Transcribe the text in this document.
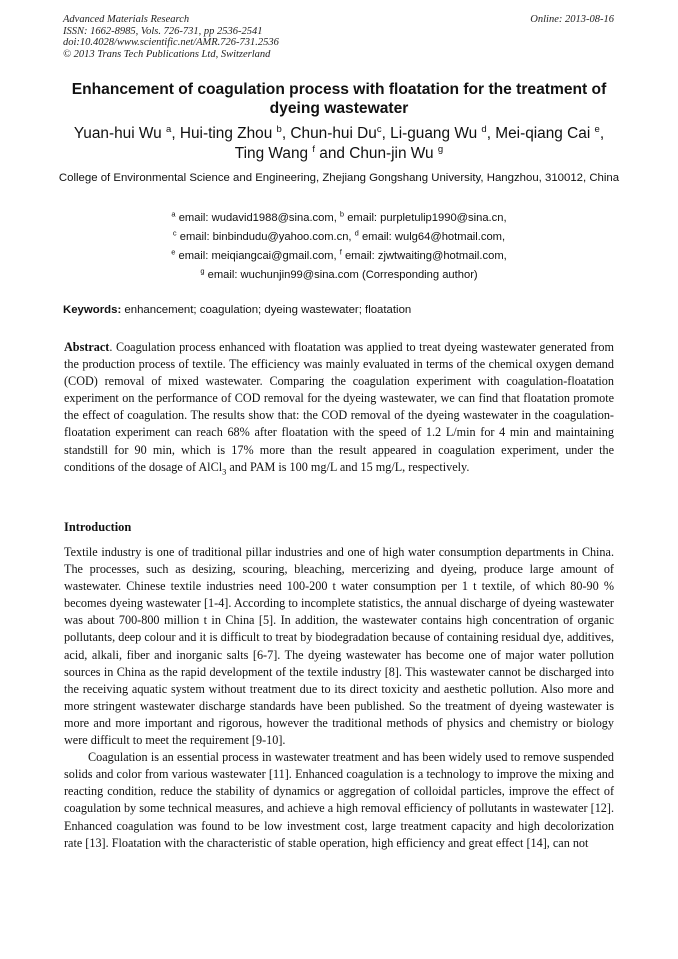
Advanced Materials Research
ISSN: 1662-8985, Vols. 726-731, pp 2536-2541
doi:10.4028/www.scientific.net/AMR.726-731.2536
© 2013 Trans Tech Publications Ltd, Switzerland
Online: 2013-08-16
Enhancement of coagulation process with floatation for the treatment of dyeing wastewater
Yuan-hui Wu $^a$, Hui-ting Zhou $^b$, Chun-hui Du$^c$, Li-guang Wu $^d$, Mei-qiang Cai $^e$,
Ting Wang $^f$ and Chun-jin Wu $^g$
College of Environmental Science and Engineering, Zhejiang Gongshang University, Hangzhou, 310012, China
$^a$ email: wudavid1988@sina.com, $^b$ email: purpletulip1990@sina.cn,
$^c$ email: binbindudu@yahoo.com.cn, $^d$ email: wulg64@hotmail.com,
$^e$ email: meiqiangcai@gmail.com, $^f$ email: zjwtwaiting@hotmail.com,
$^g$ email: wuchunjin99@sina.com (Corresponding author)
Keywords: enhancement; coagulation; dyeing wastewater; floatation
Abstract. Coagulation process enhanced with floatation was applied to treat dyeing wastewater generated from the production process of textile. The efficiency was mainly evaluated in terms of the chemical oxygen demand (COD) removal of mixed wastewater. Comparing the coagulation experiment with coagulation-floatation experiment on the performance of COD removal for the dyeing wastewater, we can find that floatation promote the effect of coagulation. The results show that: the COD removal of the dyeing wastewater in the coagulation-floatation experiment can reach 68% after floatation with the speed of 1.2 L/min for 4 min and maintaining standstill for 90 min, which is 17% more than the result appeared in coagulation experiment, under the conditions of the dosage of AlCl$_3$ and PAM is 100 mg/L and 15 mg/L, respectively.
Introduction

Textile industry is one of traditional pillar industries and one of high water consumption departments in China. The processes, such as desizing, scouring, bleaching, mercerizing and dyeing, produce large amount of wastewater. Chinese textile industries need 100-200 t water consumption per 1 t textile, of which 80-90 % becomes dyeing wastewater [1-4]. According to incomplete statistics, the annual discharge of dyeing wastewater was about 700-800 million t in China [5]. In addition, the wastewater contains high concentration of organic pollutants, deep colour and it is difficult to treat by biodegradation because of containing residual dye, additives, acid, alkali, fiber and inorganic salts [6-7]. The dyeing wastewater has become one of major water pollution sources in China as the rapid development of the textile industry [8]. This wastewater cannot be discharged into the receiving aquatic system without treatment due to its direct toxicity and aesthetic pollution. Also more and more stringent wastewater discharge standards have been published. So the treatment of dyeing wastewater is more and more important and rigorous, however the traditional methods of physics and chemistry or biology were difficult to meet the requirement [9-10].

Coagulation is an essential process in wastewater treatment and has been widely used to remove suspended solids and color from various wastewater [11]. Enhanced coagulation is a technology to improve the mixing and reacting condition, reduce the stability of dynamics or aggregation of colloidal particles, improve the effect of coagulation by some technical measures, and achieve a high removal efficiency of pollutants in wastewater [12]. Enhanced coagulation was found to be low investment cost, large treatment capacity and high decolorization rate [13]. Floatation with the characteristic of stable operation, high efficiency and great effect [14], can not
